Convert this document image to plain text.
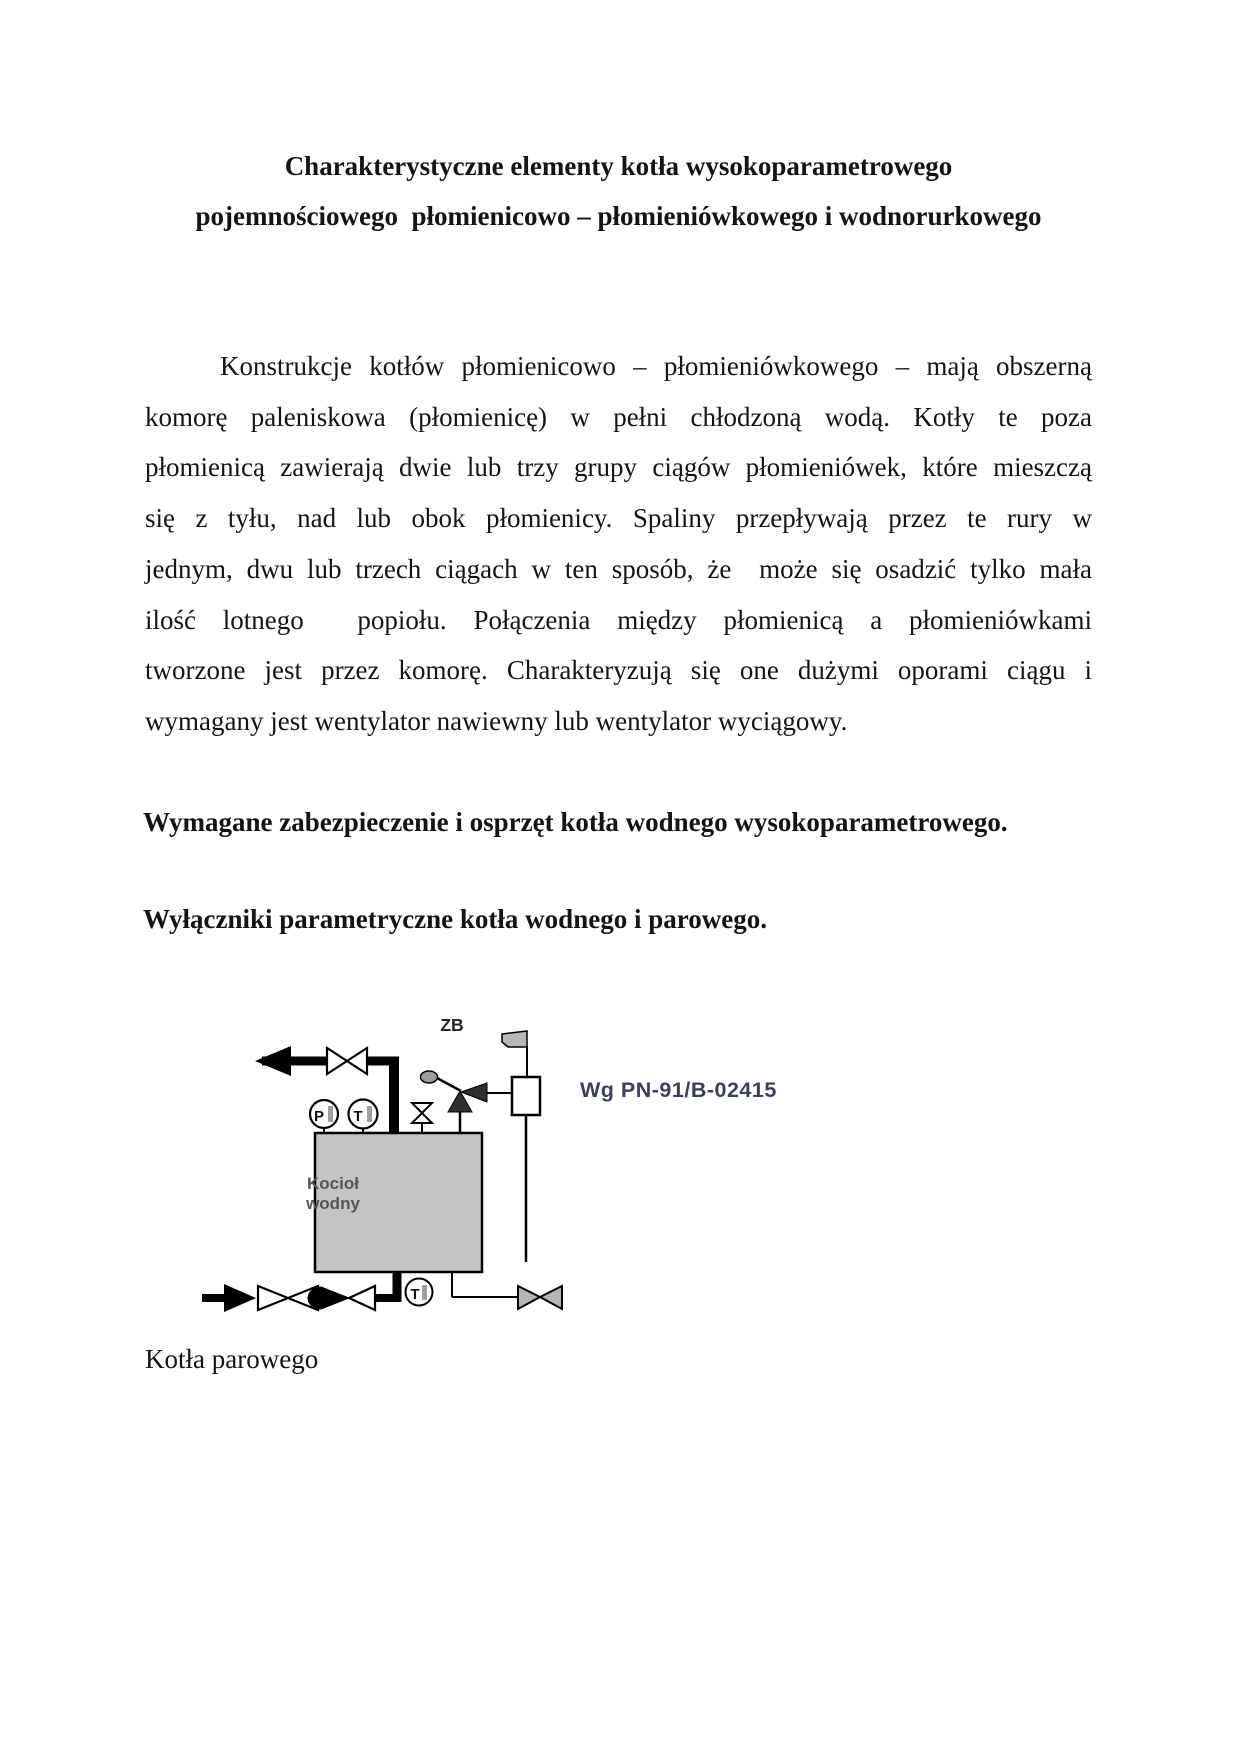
Charakterystyczne elementy kotła wysokoparametrowego
pojemnościowego  płomienicowo – płomieniówkowego i wodnorurkowego
Konstrukcje kotłów płomienicowo – płomieniówkowego – mają obszerną
komorę paleniskowa (płomienicę) w pełni chłodzoną wodą. Kotły te poza
płomienicą zawierają dwie lub trzy grupy ciągów płomieniówek, które mieszczą
się z tyłu, nad lub obok płomienicy. Spaliny przepływają przez te rury w
jednym, dwu lub trzech ciągach w ten sposób, że  może się osadzić tylko mała
ilość lotnego  popiołu. Połączenia między płomienicą a płomieniówkami
tworzone jest przez komorę. Charakteryzują się one dużymi oporami ciągu i
wymagany jest wentylator nawiewny lub wentylator wyciągowy.
Wymagane zabezpieczenie i osprzęt kotła wodnego wysokoparametrowego.
Wyłączniki parametryczne kotła wodnego i parowego.
ZB
P T
Kocioł
wodny
T
Wg PN-91/B-02415
Kotła parowego
